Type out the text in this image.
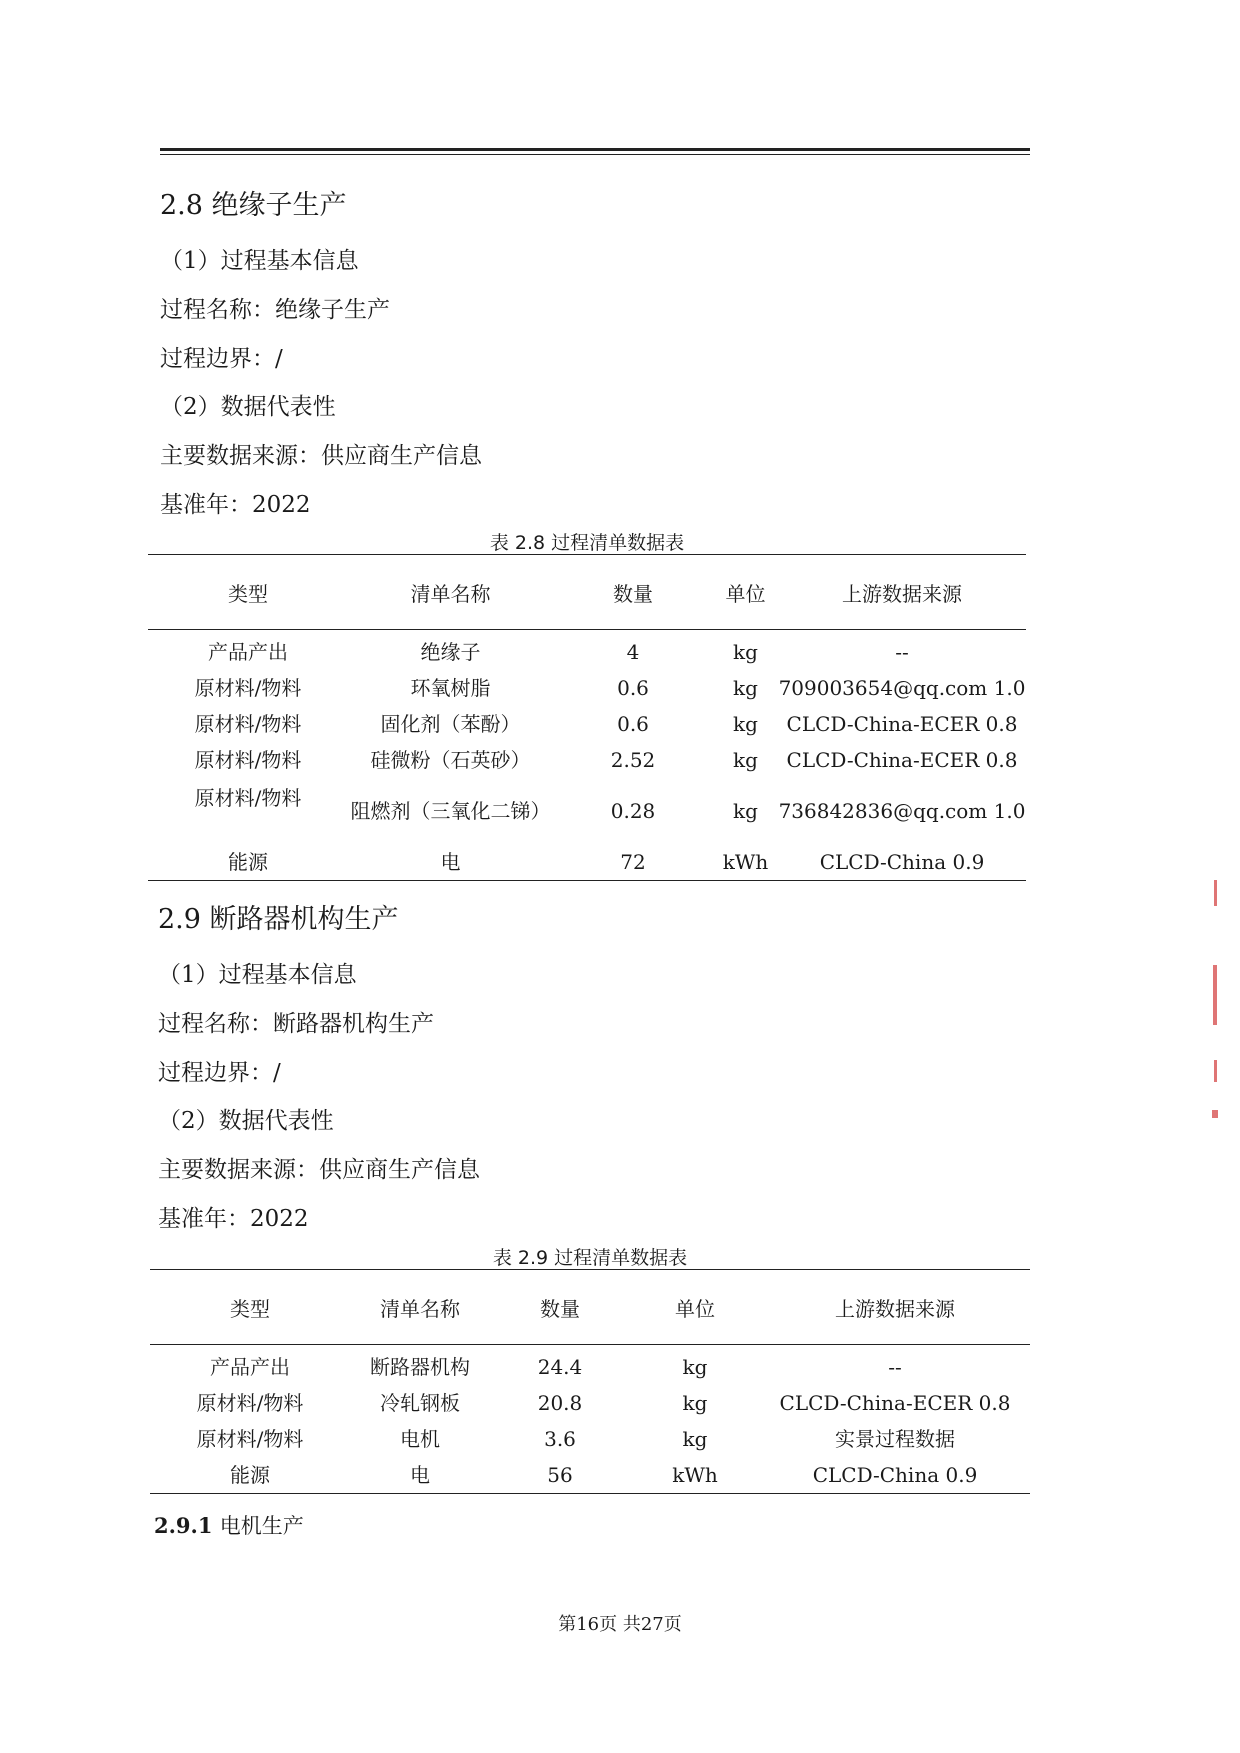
2.8 绝缘子生产
（1）过程基本信息
过程名称：绝缘子生产
过程边界：/
（2）数据代表性
主要数据来源：供应商生产信息
基准年：2022
表 2.8 过程清单数据表
类型	清单名称	数量	单位	上游数据来源
产品产出	绝缘子	4	kg	--
原材料/物料	环氧树脂	0.6	kg	709003654@qq.com 1.0
原材料/物料	固化剂（苯酚）	0.6	kg	CLCD-China-ECER 0.8
原材料/物料	硅微粉（石英砂）	2.52	kg	CLCD-China-ECER 0.8
原材料/物料	阻燃剂（三氧化二锑）	0.28	kg	736842836@qq.com 1.0
能源	电	72	kWh	CLCD-China 0.9
2.9 断路器机构生产
（1）过程基本信息
过程名称：断路器机构生产
过程边界：/
（2）数据代表性
主要数据来源：供应商生产信息
基准年：2022
表 2.9 过程清单数据表
类型	清单名称	数量	单位	上游数据来源
产品产出	断路器机构	24.4	kg	--
原材料/物料	冷轧钢板	20.8	kg	CLCD-China-ECER 0.8
原材料/物料	电机	3.6	kg	实景过程数据
能源	电	56	kWh	CLCD-China 0.9
2.9.1 电机生产
第16页 共27页
